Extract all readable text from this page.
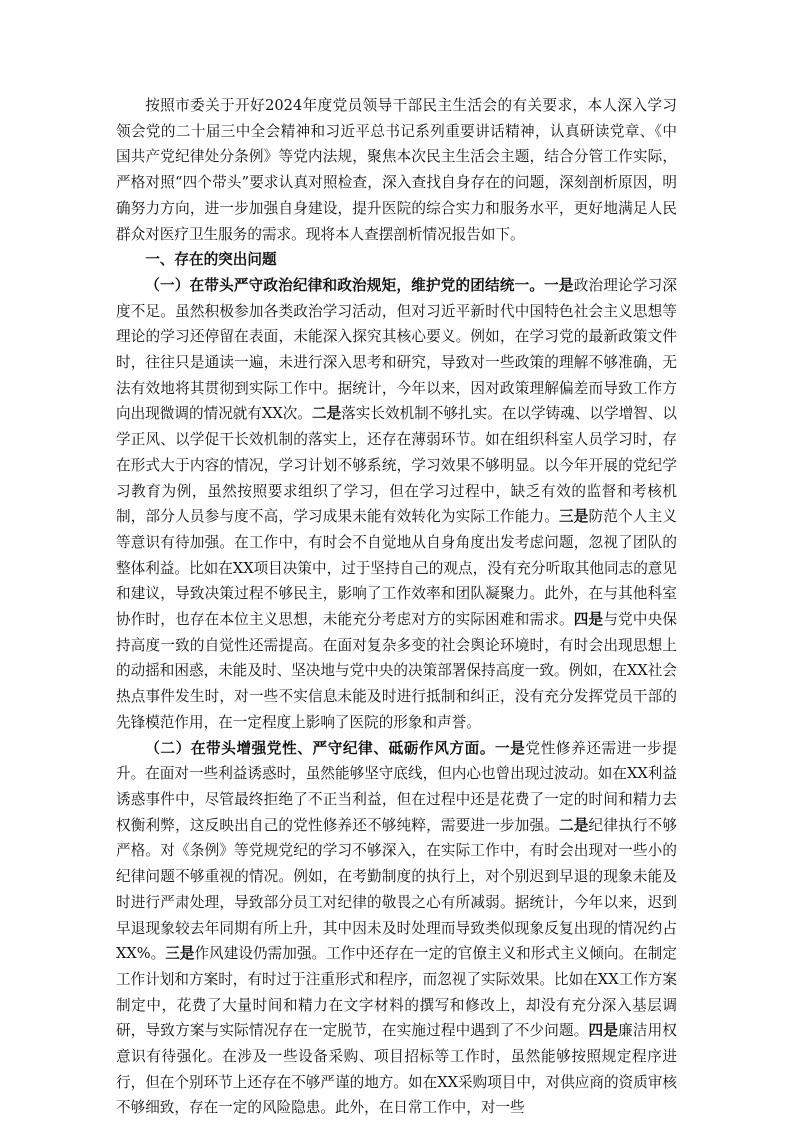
按照市委关于开好2024年度党员领导干部民主生活会的有关要求，本人深入学习领会党的二十届三中全会精神和习近平总书记系列重要讲话精神，认真研读党章、《中国共产党纪律处分条例》等党内法规，聚焦本次民主生活会主题，结合分管工作实际，严格对照“四个带头”要求认真对照检查，深入查找自身存在的问题，深刻剖析原因，明确努力方向，进一步加强自身建设，提升医院的综合实力和服务水平，更好地满足人民群众对医疗卫生服务的需求。现将本人查摆剖析情况报告如下。

一、存在的突出问题

（一）在带头严守政治纪律和政治规矩，维护党的团结统一。一是政治理论学习深度不足。虽然积极参加各类政治学习活动，但对习近平新时代中国特色社会主义思想等理论的学习还停留在表面，未能深入探究其核心要义。例如，在学习党的最新政策文件时，往往只是通读一遍，未进行深入思考和研究，导致对一些政策的理解不够准确，无法有效地将其贯彻到实际工作中。据统计，今年以来，因对政策理解偏差而导致工作方向出现微调的情况就有XX次。二是落实长效机制不够扎实。在以学铸魂、以学增智、以学正风、以学促干长效机制的落实上，还存在薄弱环节。如在组织科室人员学习时，存在形式大于内容的情况，学习计划不够系统，学习效果不够明显。以今年开展的党纪学习教育为例，虽然按照要求组织了学习，但在学习过程中，缺乏有效的监督和考核机制，部分人员参与度不高，学习成果未能有效转化为实际工作能力。三是防范个人主义等意识有待加强。在工作中，有时会不自觉地从自身角度出发考虑问题，忽视了团队的整体利益。比如在XX项目决策中，过于坚持自己的观点，没有充分听取其他同志的意见和建议，导致决策过程不够民主，影响了工作效率和团队凝聚力。此外，在与其他科室协作时，也存在本位主义思想，未能充分考虑对方的实际困难和需求。四是与党中央保持高度一致的自觉性还需提高。在面对复杂多变的社会舆论环境时，有时会出现思想上的动摇和困惑，未能及时、坚决地与党中央的决策部署保持高度一致。例如，在XX社会热点事件发生时，对一些不实信息未能及时进行抵制和纠正，没有充分发挥党员干部的先锋模范作用，在一定程度上影响了医院的形象和声誉。

（二）在带头增强党性、严守纪律、砥砺作风方面。一是党性修养还需进一步提升。在面对一些利益诱惑时，虽然能够坚守底线，但内心也曾出现过波动。如在XX利益诱惑事件中，尽管最终拒绝了不正当利益，但在过程中还是花费了一定的时间和精力去权衡利弊，这反映出自己的党性修养还不够纯粹，需要进一步加强。二是纪律执行不够严格。对《条例》等党规党纪的学习不够深入，在实际工作中，有时会出现对一些小的纪律问题不够重视的情况。例如，在考勤制度的执行上，对个别迟到早退的现象未能及时进行严肃处理，导致部分员工对纪律的敬畏之心有所减弱。据统计，今年以来，迟到早退现象较去年同期有所上升，其中因未及时处理而导致类似现象反复出现的情况约占XX%。三是作风建设仍需加强。工作中还存在一定的官僚主义和形式主义倾向。在制定工作计划和方案时，有时过于注重形式和程序，而忽视了实际效果。比如在XX工作方案制定中，花费了大量时间和精力在文字材料的撰写和修改上，却没有充分深入基层调研，导致方案与实际情况存在一定脱节，在实施过程中遇到了不少问题。四是廉洁用权意识有待强化。在涉及一些设备采购、项目招标等工作时，虽然能够按照规定程序进行，但在个别环节上还存在不够严谨的地方。如在XX采购项目中，对供应商的资质审核不够细致，存在一定的风险隐患。此外，在日常工作中，对一些
